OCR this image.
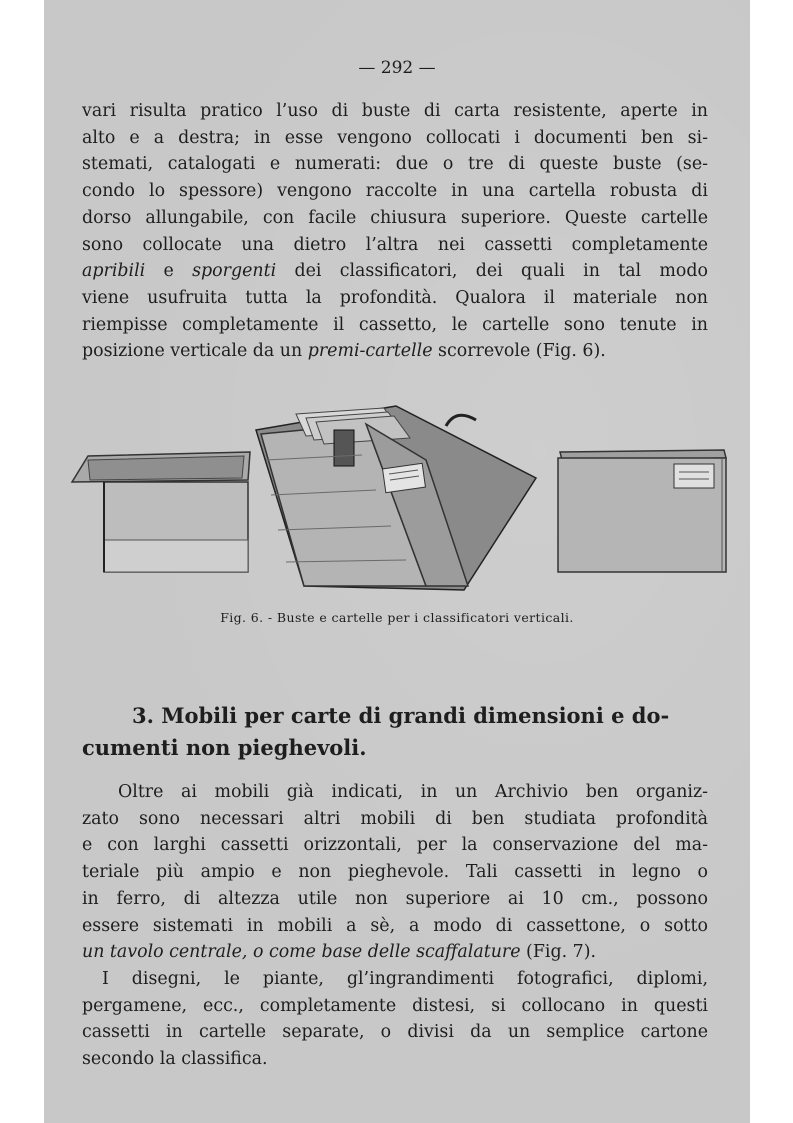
— 292 —
vari risulta pratico l’uso di buste di carta resistente, aperte in
alto e a destra; in esse vengono collocati i documenti ben si-
stemati, catalogati e numerati: due o tre di queste buste (se-
condo lo spessore) vengono raccolte in una cartella robusta di
dorso allungabile, con facile chiusura superiore. Queste cartelle
sono collocate una dietro l’altra nei cassetti completamente
apribili e sporgenti dei classificatori, dei quali in tal modo
viene usufruita tutta la profondità. Qualora il materiale non
riempisse completamente il cassetto, le cartelle sono tenute in
posizione verticale da un premi-cartelle scorrevole (Fig. 6).
Fig. 6. - Buste e cartelle per i classificatori verticali.
3. Mobili per carte di grandi dimensioni e do-
cumenti non pieghevoli.
Oltre ai mobili già indicati, in un Archivio ben organiz-
zato sono necessari altri mobili di ben studiata profondità
e con larghi cassetti orizzontali, per la conservazione del ma-
teriale più ampio e non pieghevole. Tali cassetti in legno o
in ferro, di altezza utile non superiore ai 10 cm., possono
essere sistemati in mobili a sè, a modo di cassettone, o sotto
un tavolo centrale, o come base delle scaffalature (Fig. 7).
I disegni, le piante, gl’ingrandimenti fotografici, diplomi,
pergamene, ecc., completamente distesi, si collocano in questi
cassetti in cartelle separate, o divisi da un semplice cartone
secondo la classifica.
